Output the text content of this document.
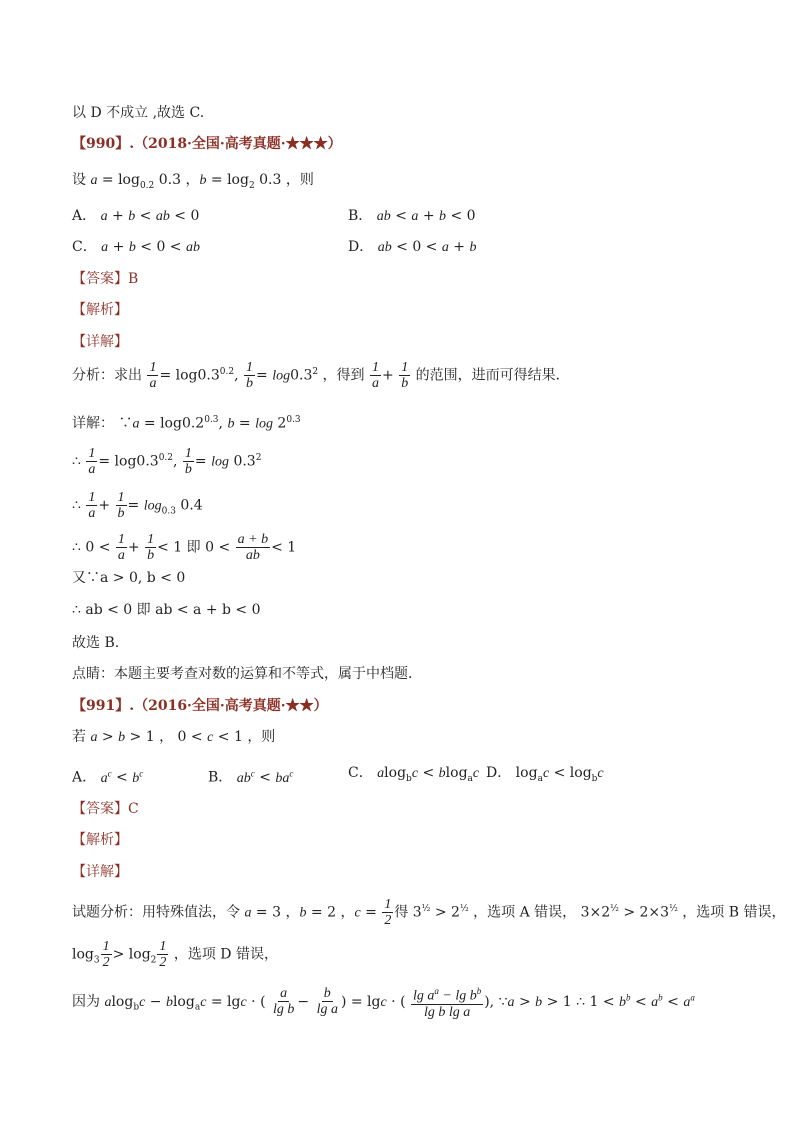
以 D 不成立 ,故选 C.
【990】.（2018·全国·高考真题·★★★）
设 $a = \log_{0.2} 0.3$ ，$b = \log_2 0.3$ ，则
A． a + b < ab < 0	B． ab < a + b < 0
C． a + b < 0 < ab	D． ab < 0 < a + b
【答案】B
【解析】
【详解】
分析：求出 $\frac{1}{a} = \log 0.3^{0.2}$, $\frac{1}{b} = \log 0.3^2$ ，得到 $\frac{1}{a} + \frac{1}{b}$ 的范围，进而可得结果．
详解： ∵a = $\log 0.2^{0.3}$, $b = \log 2^{0.3}$
∴ $\frac{1}{a} = \log 0.3^{0.2}$, $\frac{1}{b} = \log 0.3^2$
∴ $\frac{1}{a} + \frac{1}{b} = \log_{0.3} 0.4$
∴ $0 < \frac{1}{a} + \frac{1}{b} < 1$ 即 $0 < \frac{a + b}{ab} < 1$
又∵a > 0, b < 0
∴ ab < 0 即 ab < a + b < 0
故选 B.
点睛：本题主要考查对数的运算和不等式，属于中档题．
【991】.（2016·全国·高考真题·★★）
若 a > b > 1 ， 0 < c < 1 ，则
A． $a^c < b^c$	B． $ab^c < ba^c$	C． alog$_b$c < blog$_a$c D． $\log_ac < \log_bc$
【答案】C
【解析】
【详解】
试题分析：用特殊值法，令 a = 3 ，b = 2 ，$c = \frac{1}{2}$ 得 $3^{\frac{1}{2}} > 2^{\frac{1}{2}}$ ，选项 A 错误， $3\times 2^{\frac{1}{2}} > 2\times 3^{\frac{1}{2}}$ ，选项 B 错误，
$\log_3 \frac{1}{2} > \log_2 \frac{1}{2}$ ，选项 D 错误，
因为 alog$_b$c − blog$_a$c = lgc · ( $\frac{a}{\text{lg b}} - \frac{b}{\text{lg a}}$ ) = lgc · ( $\frac{\lg a^a - \lg b^b}{\text{lg b lg a}}$ ), ∵a > b > 1 ∴ $1 < b^b < a^b < a^a$
